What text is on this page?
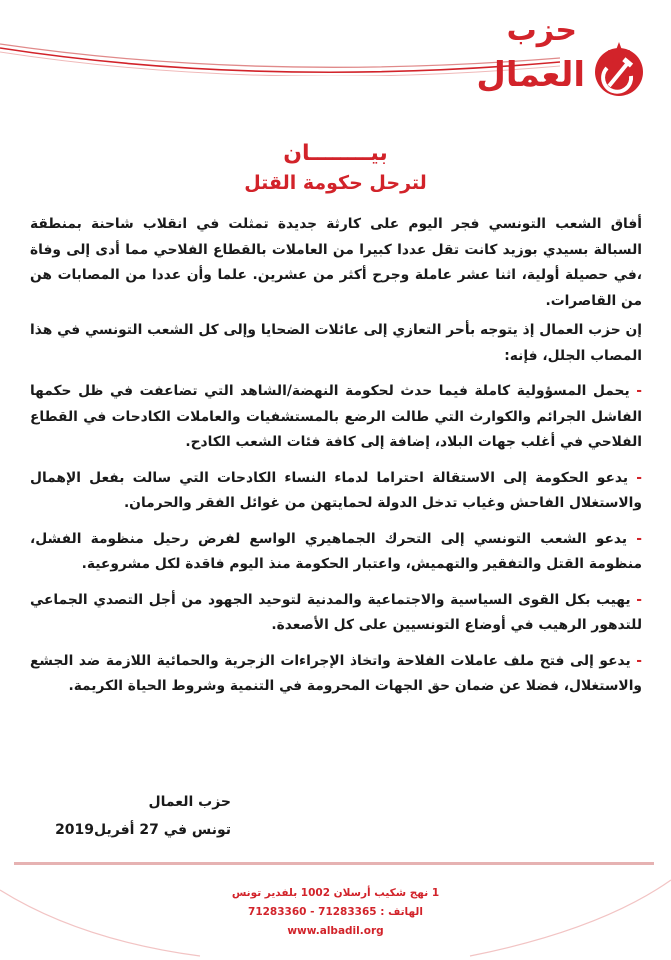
حزب
العمال

بيــــــــان

لترحل حكومة القتل

أفاق الشعب التونسي فجر اليوم على كارثة جديدة تمثلت في انقلاب شاحنة بمنطقة السبالة بسيدي بوزيد كانت تقل عددا كبيرا من العاملات بالقطاع الفلاحي مما أدى إلى وفاة ،في حصيلة أولية، اثنا عشر عاملة وجرح أكثر من عشرين. علما وأن عددا من المصابات هن من القاصرات.

إن حزب العمال إذ يتوجه بأحر التعازي إلى عائلات الضحايا وإلى كل الشعب التونسي في هذا المصاب الجلل، فإنه:

- يحمل المسؤولية كاملة فيما حدث لحكومة النهضة/الشاهد التي تضاعفت في ظل حكمها الفاشل الجرائم والكوارث التي طالت الرضع بالمستشفيات والعاملات الكادحات في القطاع الفلاحي في أغلب جهات البلاد، إضافة إلى كافة فئات الشعب الكادح.

- يدعو الحكومة إلى الاستقالة احتراما لدماء النساء الكادحات التي سالت بفعل الإهمال والاستغلال الفاحش وغياب تدخل الدولة لحمايتهن من غوائل الفقر والحرمان.

- يدعو الشعب التونسي إلى التحرك الجماهيري الواسع لفرض رحيل منظومة الفشل، منظومة القتل والتفقير والتهميش، واعتبار الحكومة منذ اليوم فاقدة لكل مشروعية.

- يهيب بكل القوى السياسية والاجتماعية والمدنية لتوحيد الجهود من أجل التصدي الجماعي للتدهور الرهيب في أوضاع التونسيين على كل الأصعدة.

- يدعو إلى فتح ملف عاملات الفلاحة واتخاذ الإجراءات الزجرية والحمائية اللازمة ضد الجشع والاستغلال، فضلا عن ضمان حق الجهات المحرومة في التنمية وشروط الحياة الكريمة.

حزب العمال
تونس في 27 أفريل2019
1 نهج شكيب أرسلان 1002 بلفدير تونس
الهاتف : 71283365 - 71283360
www.albadil.org
